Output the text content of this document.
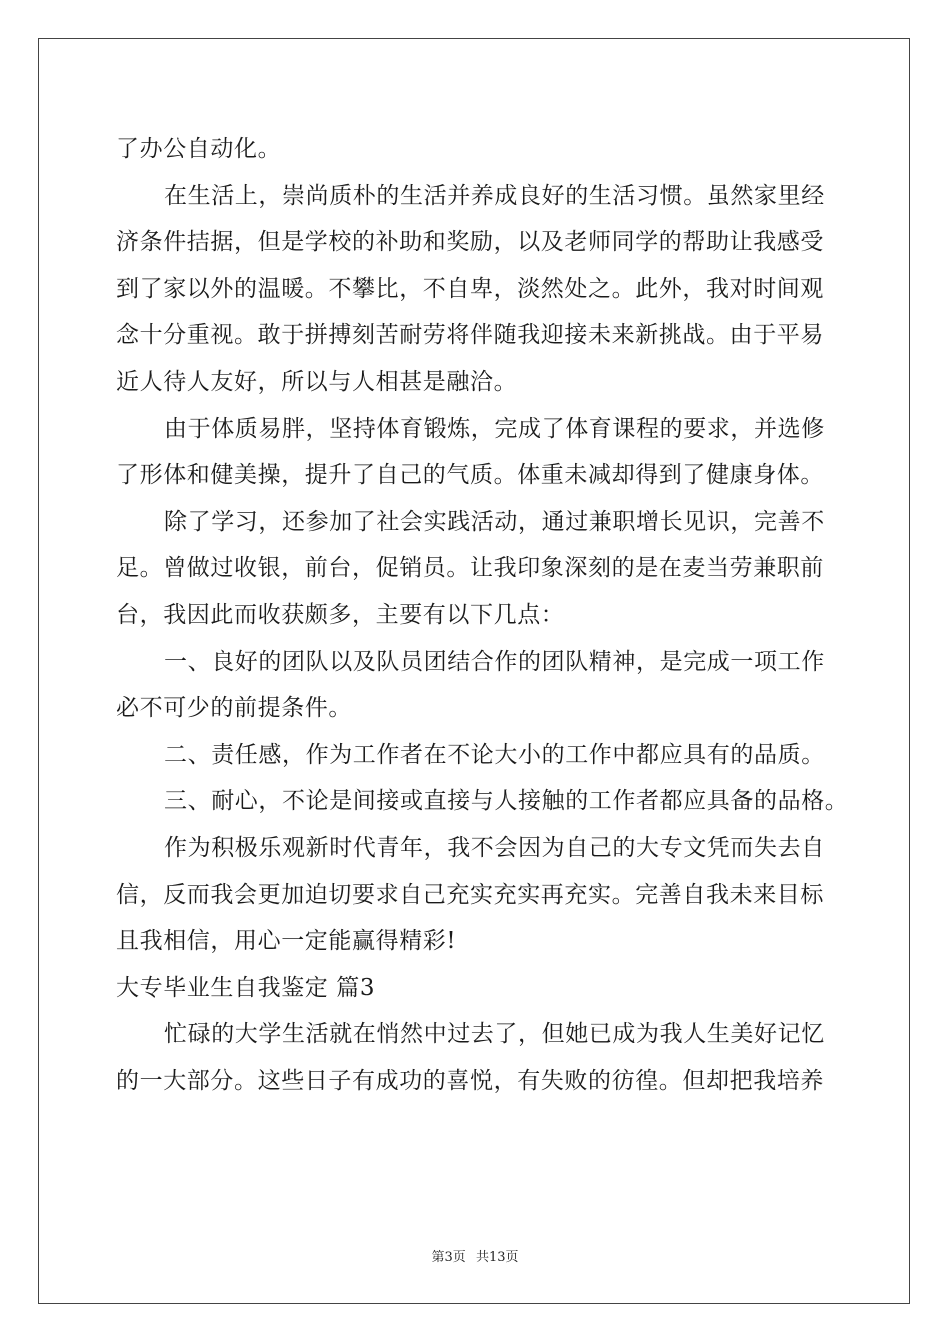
了办公自动化。
在生活上，崇尚质朴的生活并养成良好的生活习惯。虽然家里经
济条件拮据，但是学校的补助和奖励，以及老师同学的帮助让我感受
到了家以外的温暖。不攀比，不自卑，淡然处之。此外，我对时间观
念十分重视。敢于拼搏刻苦耐劳将伴随我迎接未来新挑战。由于平易
近人待人友好，所以与人相甚是融洽。
由于体质易胖，坚持体育锻炼，完成了体育课程的要求，并选修
了形体和健美操，提升了自己的气质。体重未减却得到了健康身体。
除了学习，还参加了社会实践活动，通过兼职增长见识，完善不
足。曾做过收银，前台，促销员。让我印象深刻的是在麦当劳兼职前
台，我因此而收获颇多，主要有以下几点：
一、良好的团队以及队员团结合作的团队精神，是完成一项工作
必不可少的前提条件。
二、责任感，作为工作者在不论大小的工作中都应具有的品质。
三、耐心，不论是间接或直接与人接触的工作者都应具备的品格。
作为积极乐观新时代青年，我不会因为自己的大专文凭而失去自
信，反而我会更加迫切要求自己充实充实再充实。完善自我未来目标
且我相信，用心一定能赢得精彩!
大专毕业生自我鉴定 篇3
忙碌的大学生活就在悄然中过去了，但她已成为我人生美好记忆
的一大部分。这些日子有成功的喜悦，有失败的彷徨。但却把我培养
第3页 共13页
